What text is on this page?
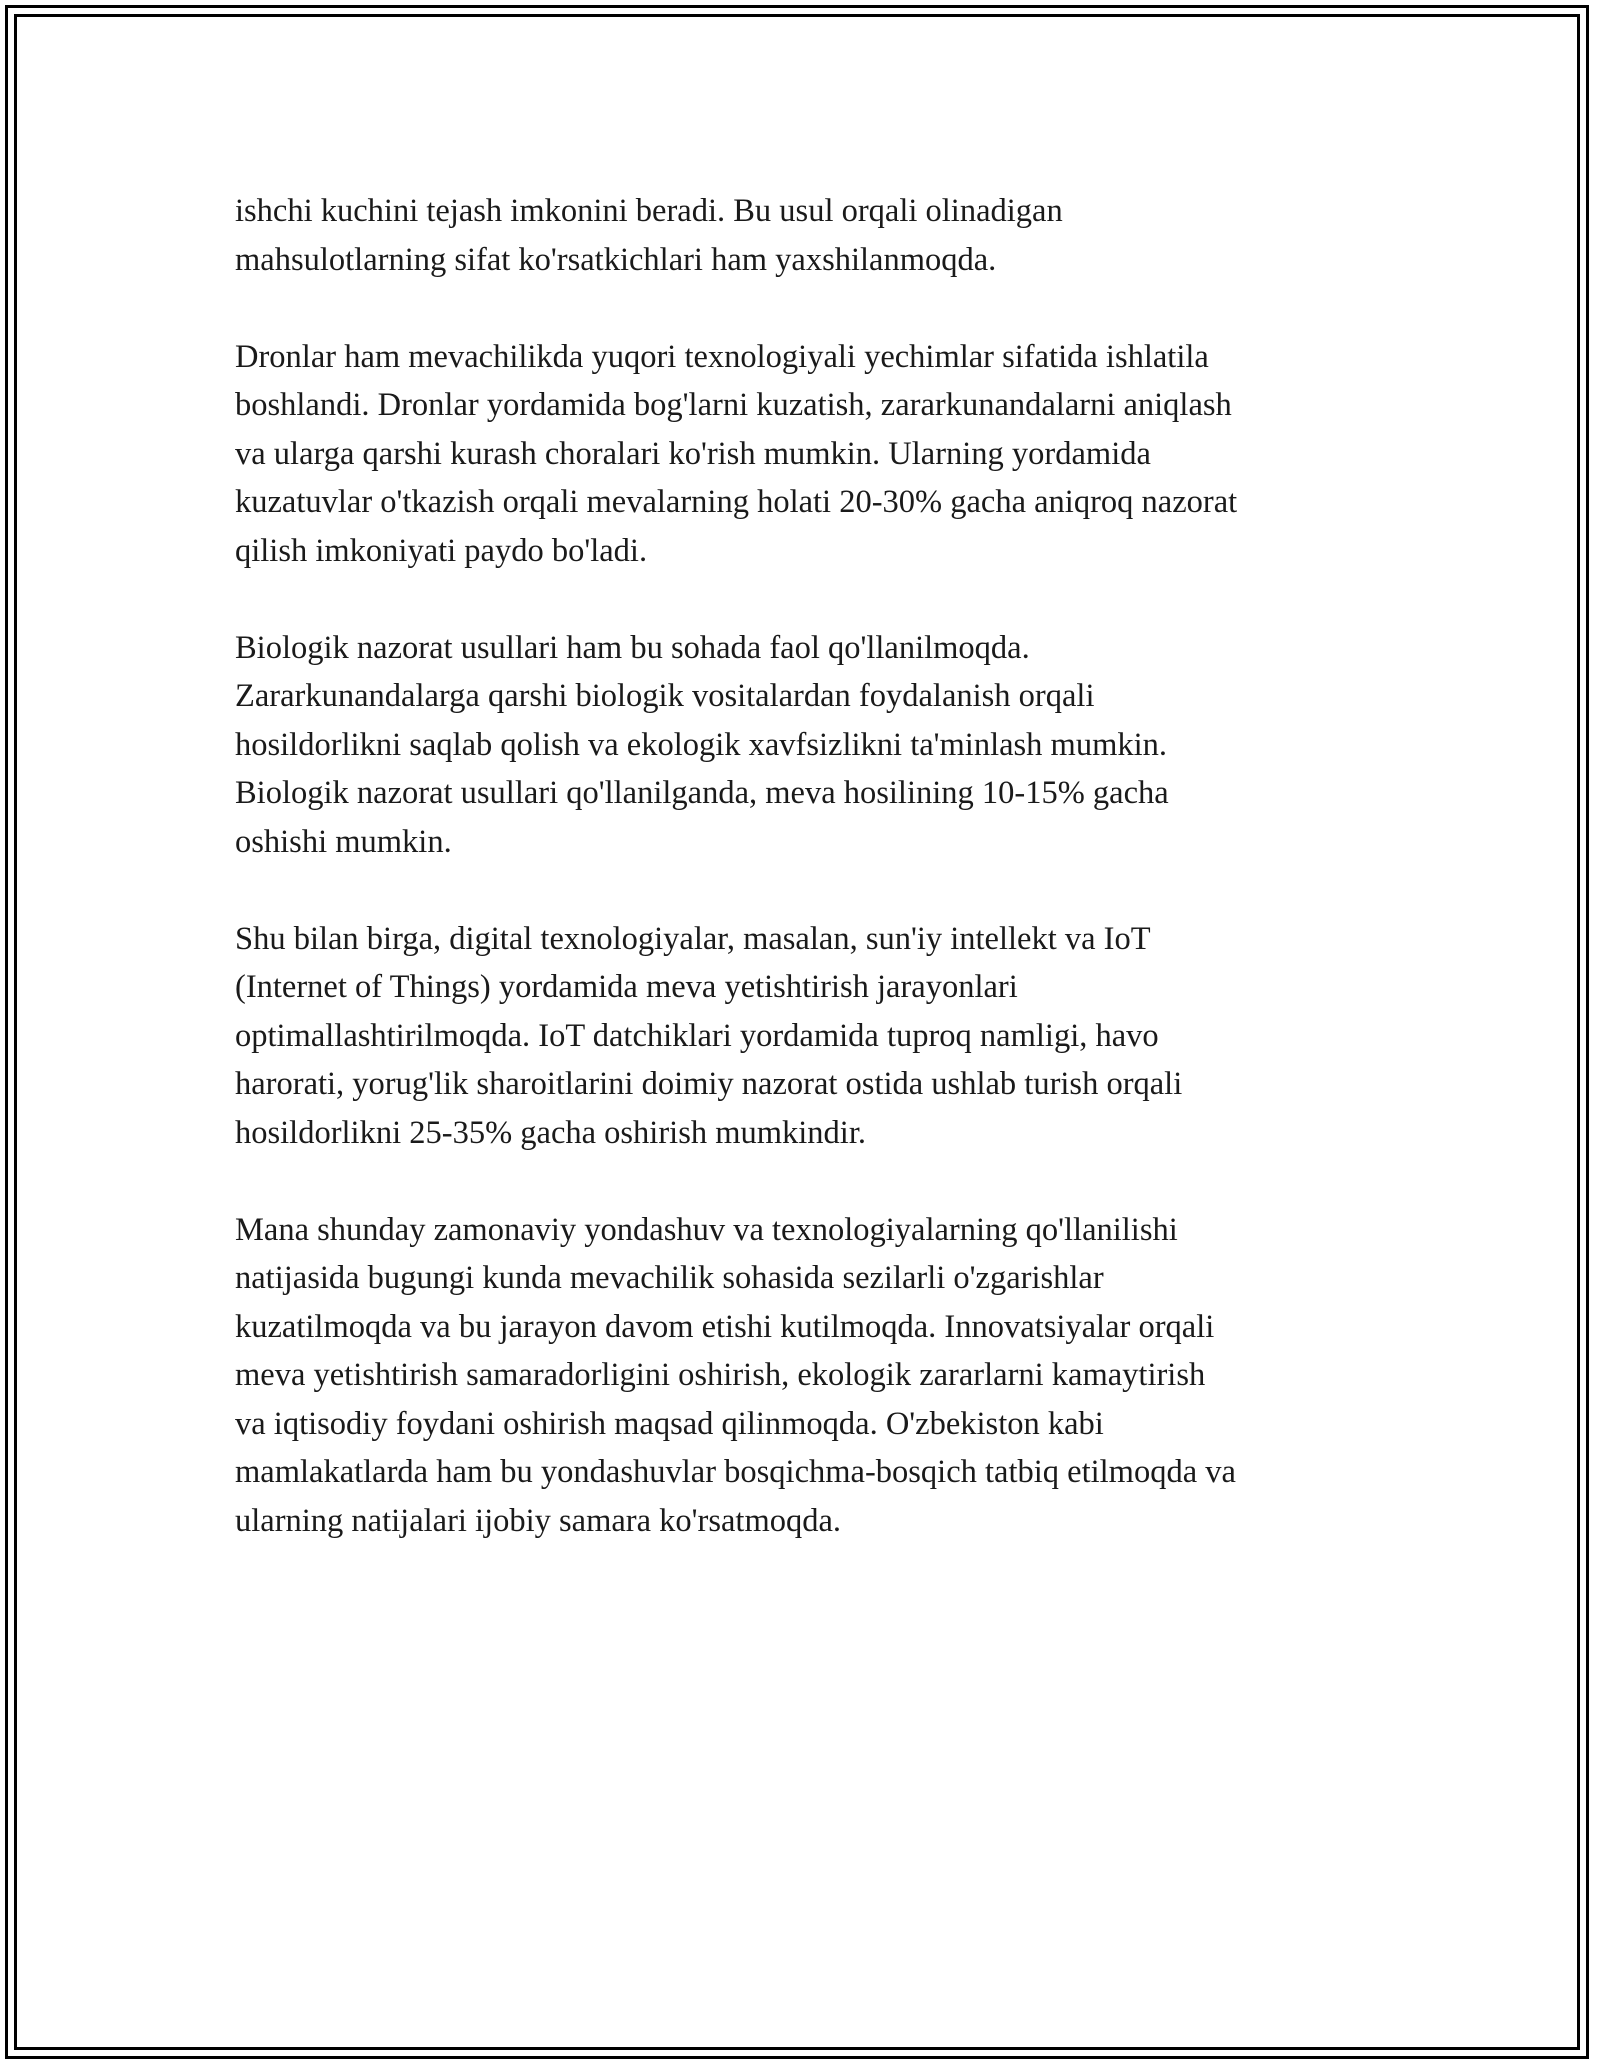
ishchi kuchini tejash imkonini beradi. Bu usul orqali olinadigan
mahsulotlarning sifat ko'rsatkichlari ham yaxshilanmoqda.

Dronlar ham mevachilikda yuqori texnologiyali yechimlar sifatida ishlatila
boshlandi. Dronlar yordamida bog'larni kuzatish, zararkunandalarni aniqlash
va ularga qarshi kurash choralari ko'rish mumkin. Ularning yordamida
kuzatuvlar o'tkazish orqali mevalarning holati 20-30% gacha aniqroq nazorat
qilish imkoniyati paydo bo'ladi.

Biologik nazorat usullari ham bu sohada faol qo'llanilmoqda.
Zararkunandalarga qarshi biologik vositalardan foydalanish orqali
hosildorlikni saqlab qolish va ekologik xavfsizlikni ta'minlash mumkin.
Biologik nazorat usullari qo'llanilganda, meva hosilining 10-15% gacha
oshishi mumkin.

Shu bilan birga, digital texnologiyalar, masalan, sun'iy intellekt va IoT
(Internet of Things) yordamida meva yetishtirish jarayonlari
optimallashtirilmoqda. IoT datchiklari yordamida tuproq namligi, havo
harorati, yorug'lik sharoitlarini doimiy nazorat ostida ushlab turish orqali
hosildorlikni 25-35% gacha oshirish mumkindir.

Mana shunday zamonaviy yondashuv va texnologiyalarning qo'llanilishi
natijasida bugungi kunda mevachilik sohasida sezilarli o'zgarishlar
kuzatilmoqda va bu jarayon davom etishi kutilmoqda. Innovatsiyalar orqali
meva yetishtirish samaradorligini oshirish, ekologik zararlarni kamaytirish
va iqtisodiy foydani oshirish maqsad qilinmoqda. O'zbekiston kabi
mamlakatlarda ham bu yondashuvlar bosqichma-bosqich tatbiq etilmoqda va
ularning natijalari ijobiy samara ko'rsatmoqda.
